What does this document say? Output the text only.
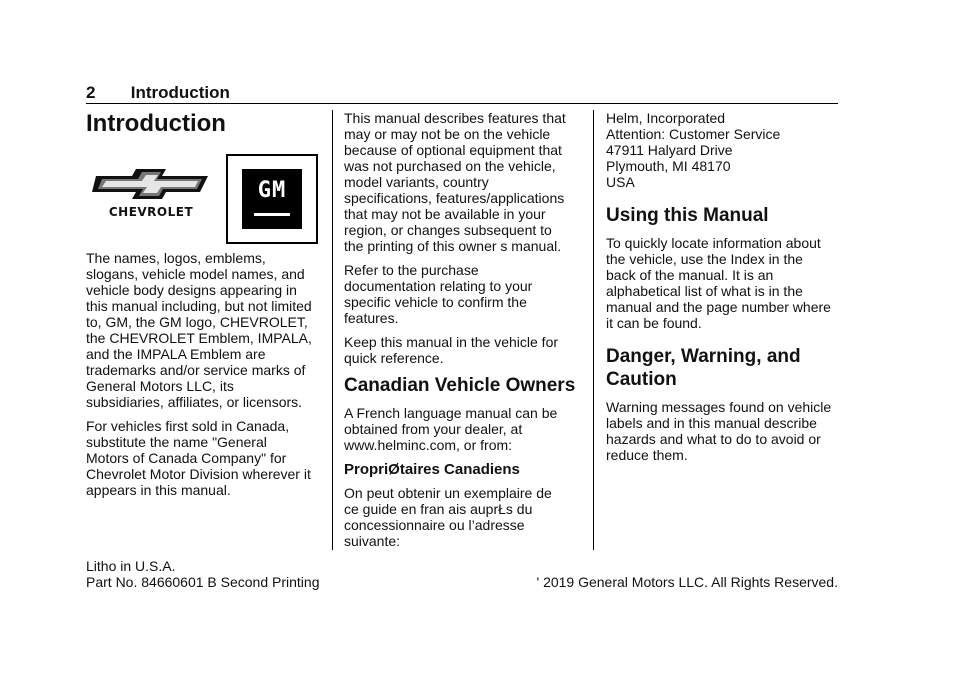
2 Introduction
Introduction
CHEVROLET
GM

The names, logos, emblems,
slogans, vehicle model names, and
vehicle body designs appearing in
this manual including, but not limited
to, GM, the GM logo, CHEVROLET,
the CHEVROLET Emblem, IMPALA,
and the IMPALA Emblem are
trademarks and/or service marks of
General Motors LLC, its
subsidiaries, affiliates, or licensors.

For vehicles first sold in Canada,
substitute the name "General
Motors of Canada Company" for
Chevrolet Motor Division wherever it
appears in this manual.

This manual describes features that
may or may not be on the vehicle
because of optional equipment that
was not purchased on the vehicle,
model variants, country
specifications, features/applications
that may not be available in your
region, or changes subsequent to
the printing of this owner s manual.

Refer to the purchase
documentation relating to your
specific vehicle to confirm the
features.

Keep this manual in the vehicle for
quick reference.

Canadian Vehicle Owners

A French language manual can be
obtained from your dealer, at
www.helminc.com, or from:

PropriØtaires Canadiens

On peut obtenir un exemplaire de
ce guide en fran ais auprŁs du
concessionnaire ou l’adresse
suivante:

Helm, Incorporated
Attention: Customer Service
47911 Halyard Drive
Plymouth, MI 48170
USA

Using this Manual

To quickly locate information about
the vehicle, use the Index in the
back of the manual. It is an
alphabetical list of what is in the
manual and the page number where
it can be found.

Danger, Warning, and
Caution

Warning messages found on vehicle
labels and in this manual describe
hazards and what to do to avoid or
reduce them.

Litho in U.S.A.
Part No. 84660601 B Second Printing	' 2019 General Motors LLC. All Rights Reserved.
